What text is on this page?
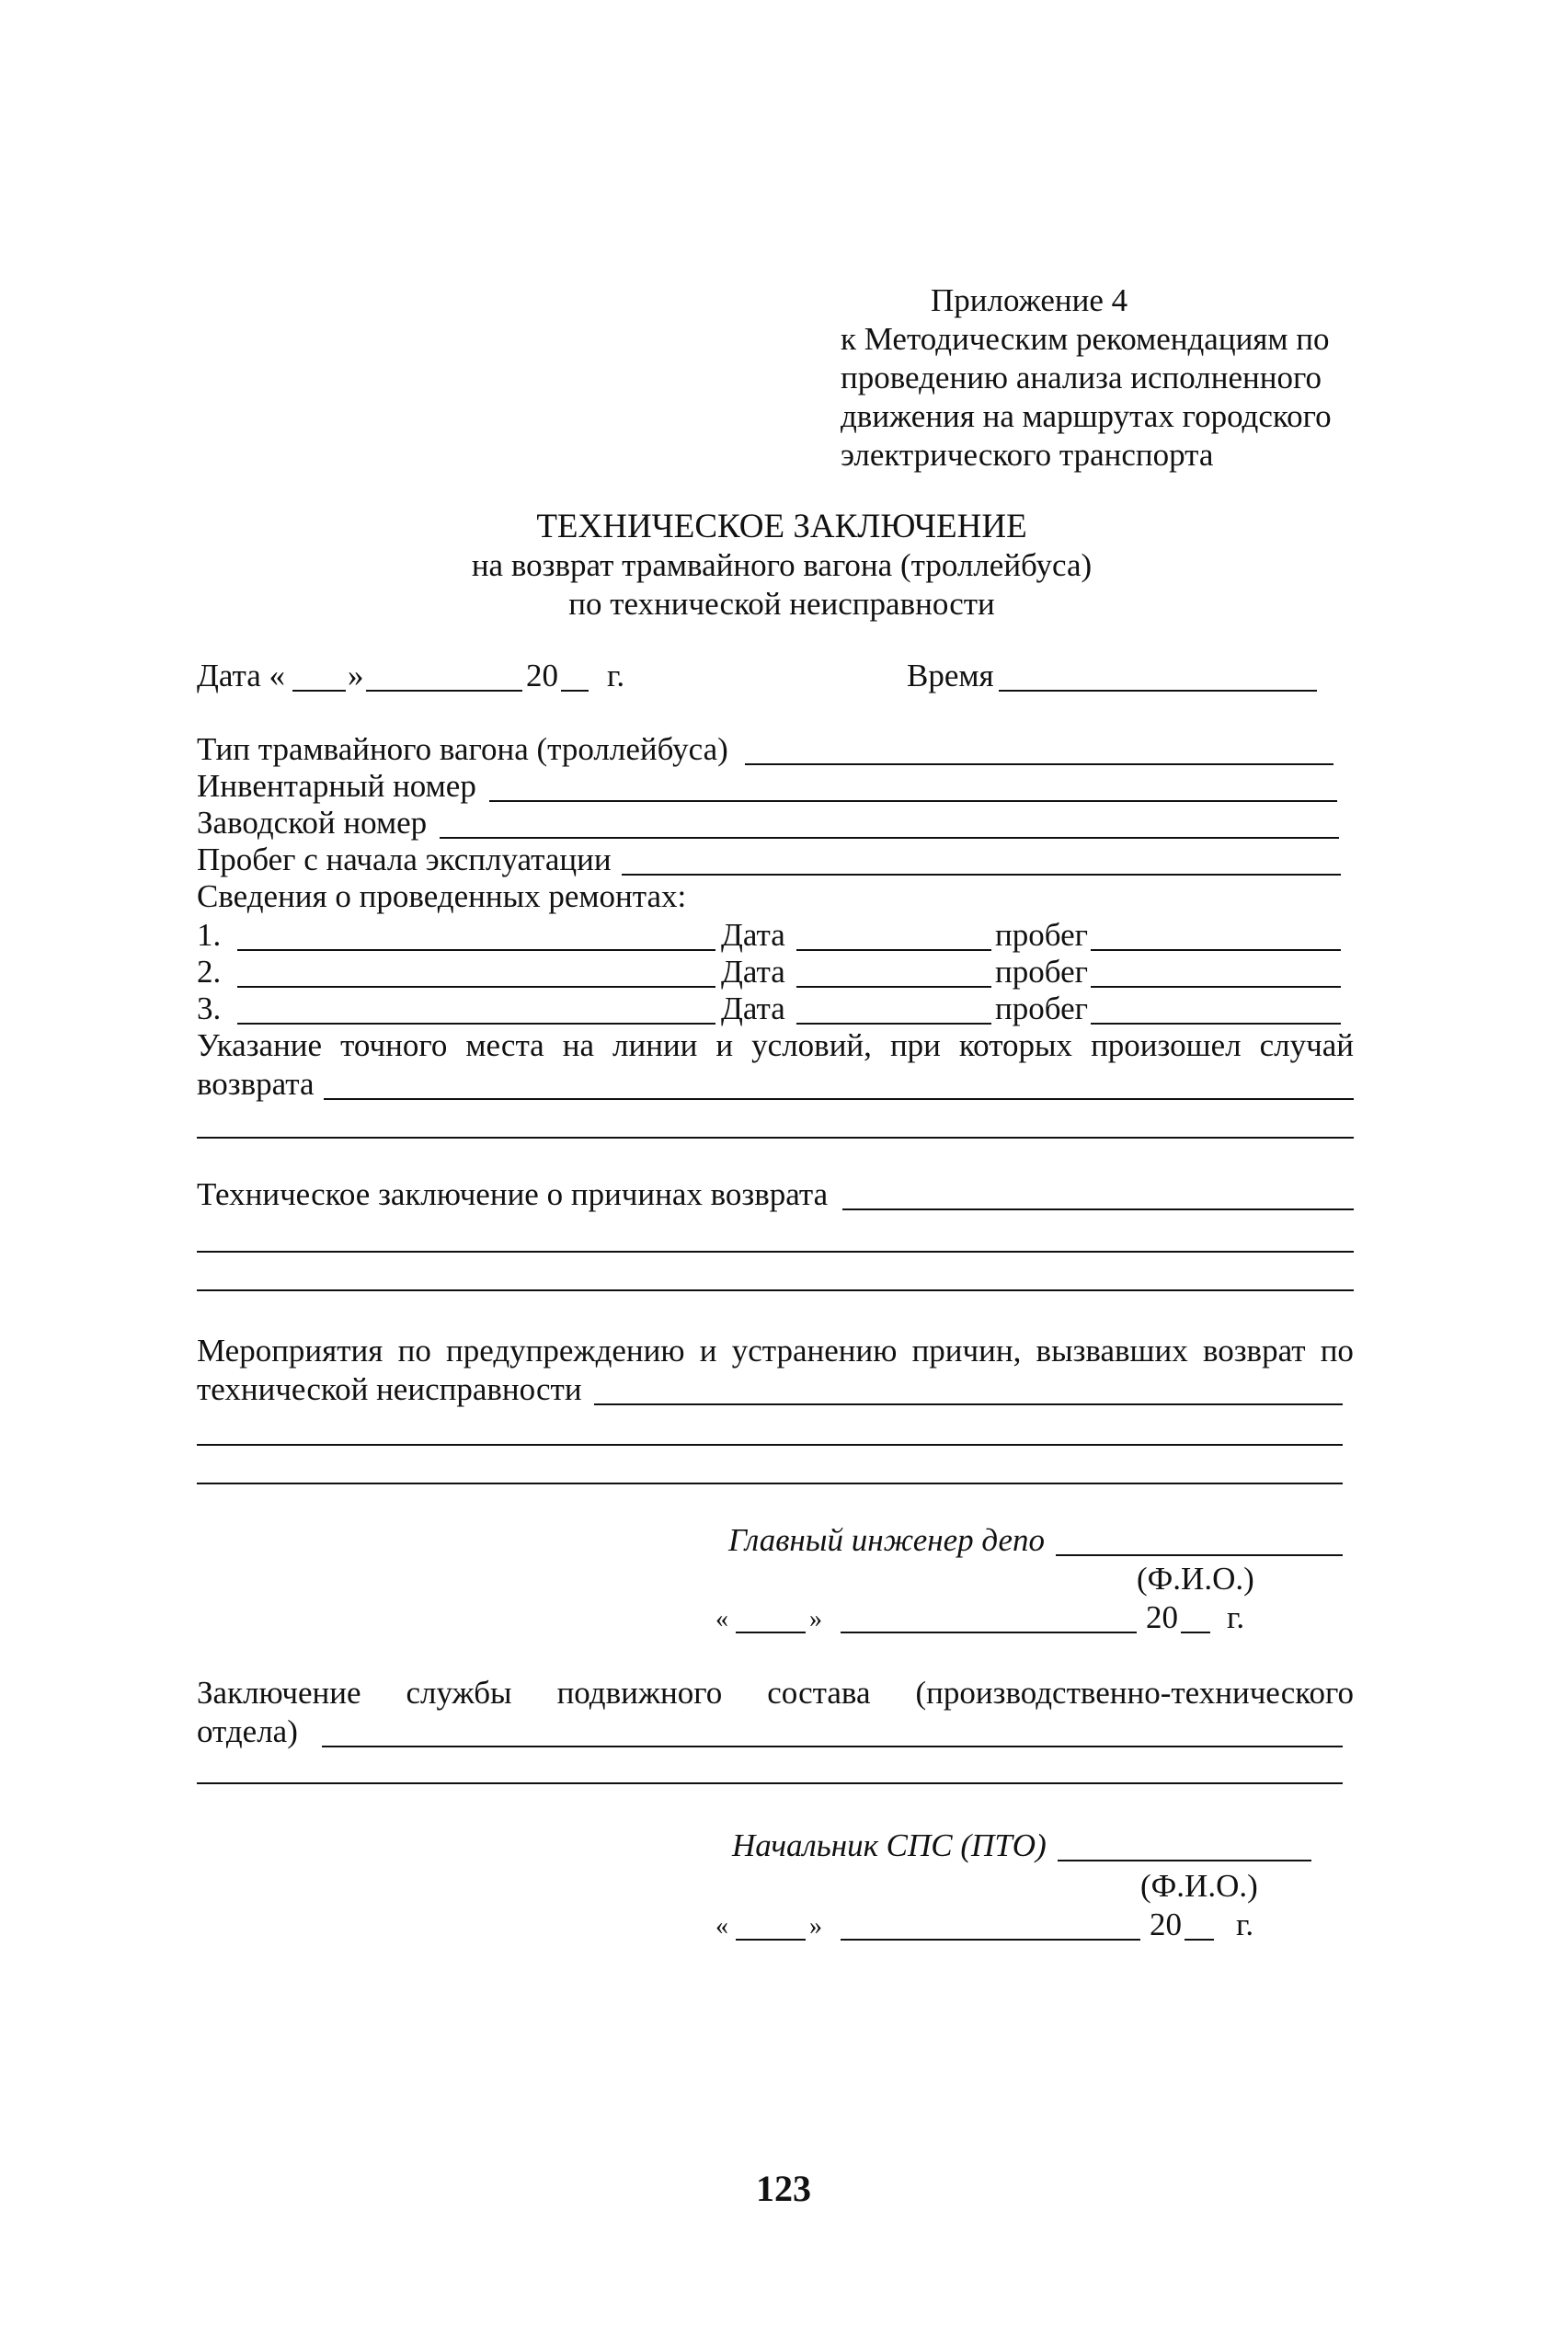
Приложение 4
к Методическим рекомендациям по
проведению анализа исполненного
движения на маршрутах городского
электрического транспорта
ТЕХНИЧЕСКОЕ ЗАКЛЮЧЕНИЕ
на возврат трамвайного вагона (троллейбуса)
по технической неисправности
Дата « »	20 г.	Время
Тип трамвайного вагона (троллейбуса)
Инвентарный номер
Заводской номер
Пробег с начала эксплуатации
Сведения о проведенных ремонтах:
1.	Дата	пробег
2.	Дата	пробег
3.	Дата	пробег
Указание точного места на линии и условий, при которых произошел случай
возврата
Техническое заключение о причинах возврата
Мероприятия по предупреждению и устранению причин, вызвавших возврат по
технической неисправности
Главный инженер депо
(Ф.И.О.)
«	»	20 г.
Заключение службы подвижного состава (производственно-технического
отдела)
Начальник СПС (ПТО)
(Ф.И.О.)
«	»	20 г.
123
